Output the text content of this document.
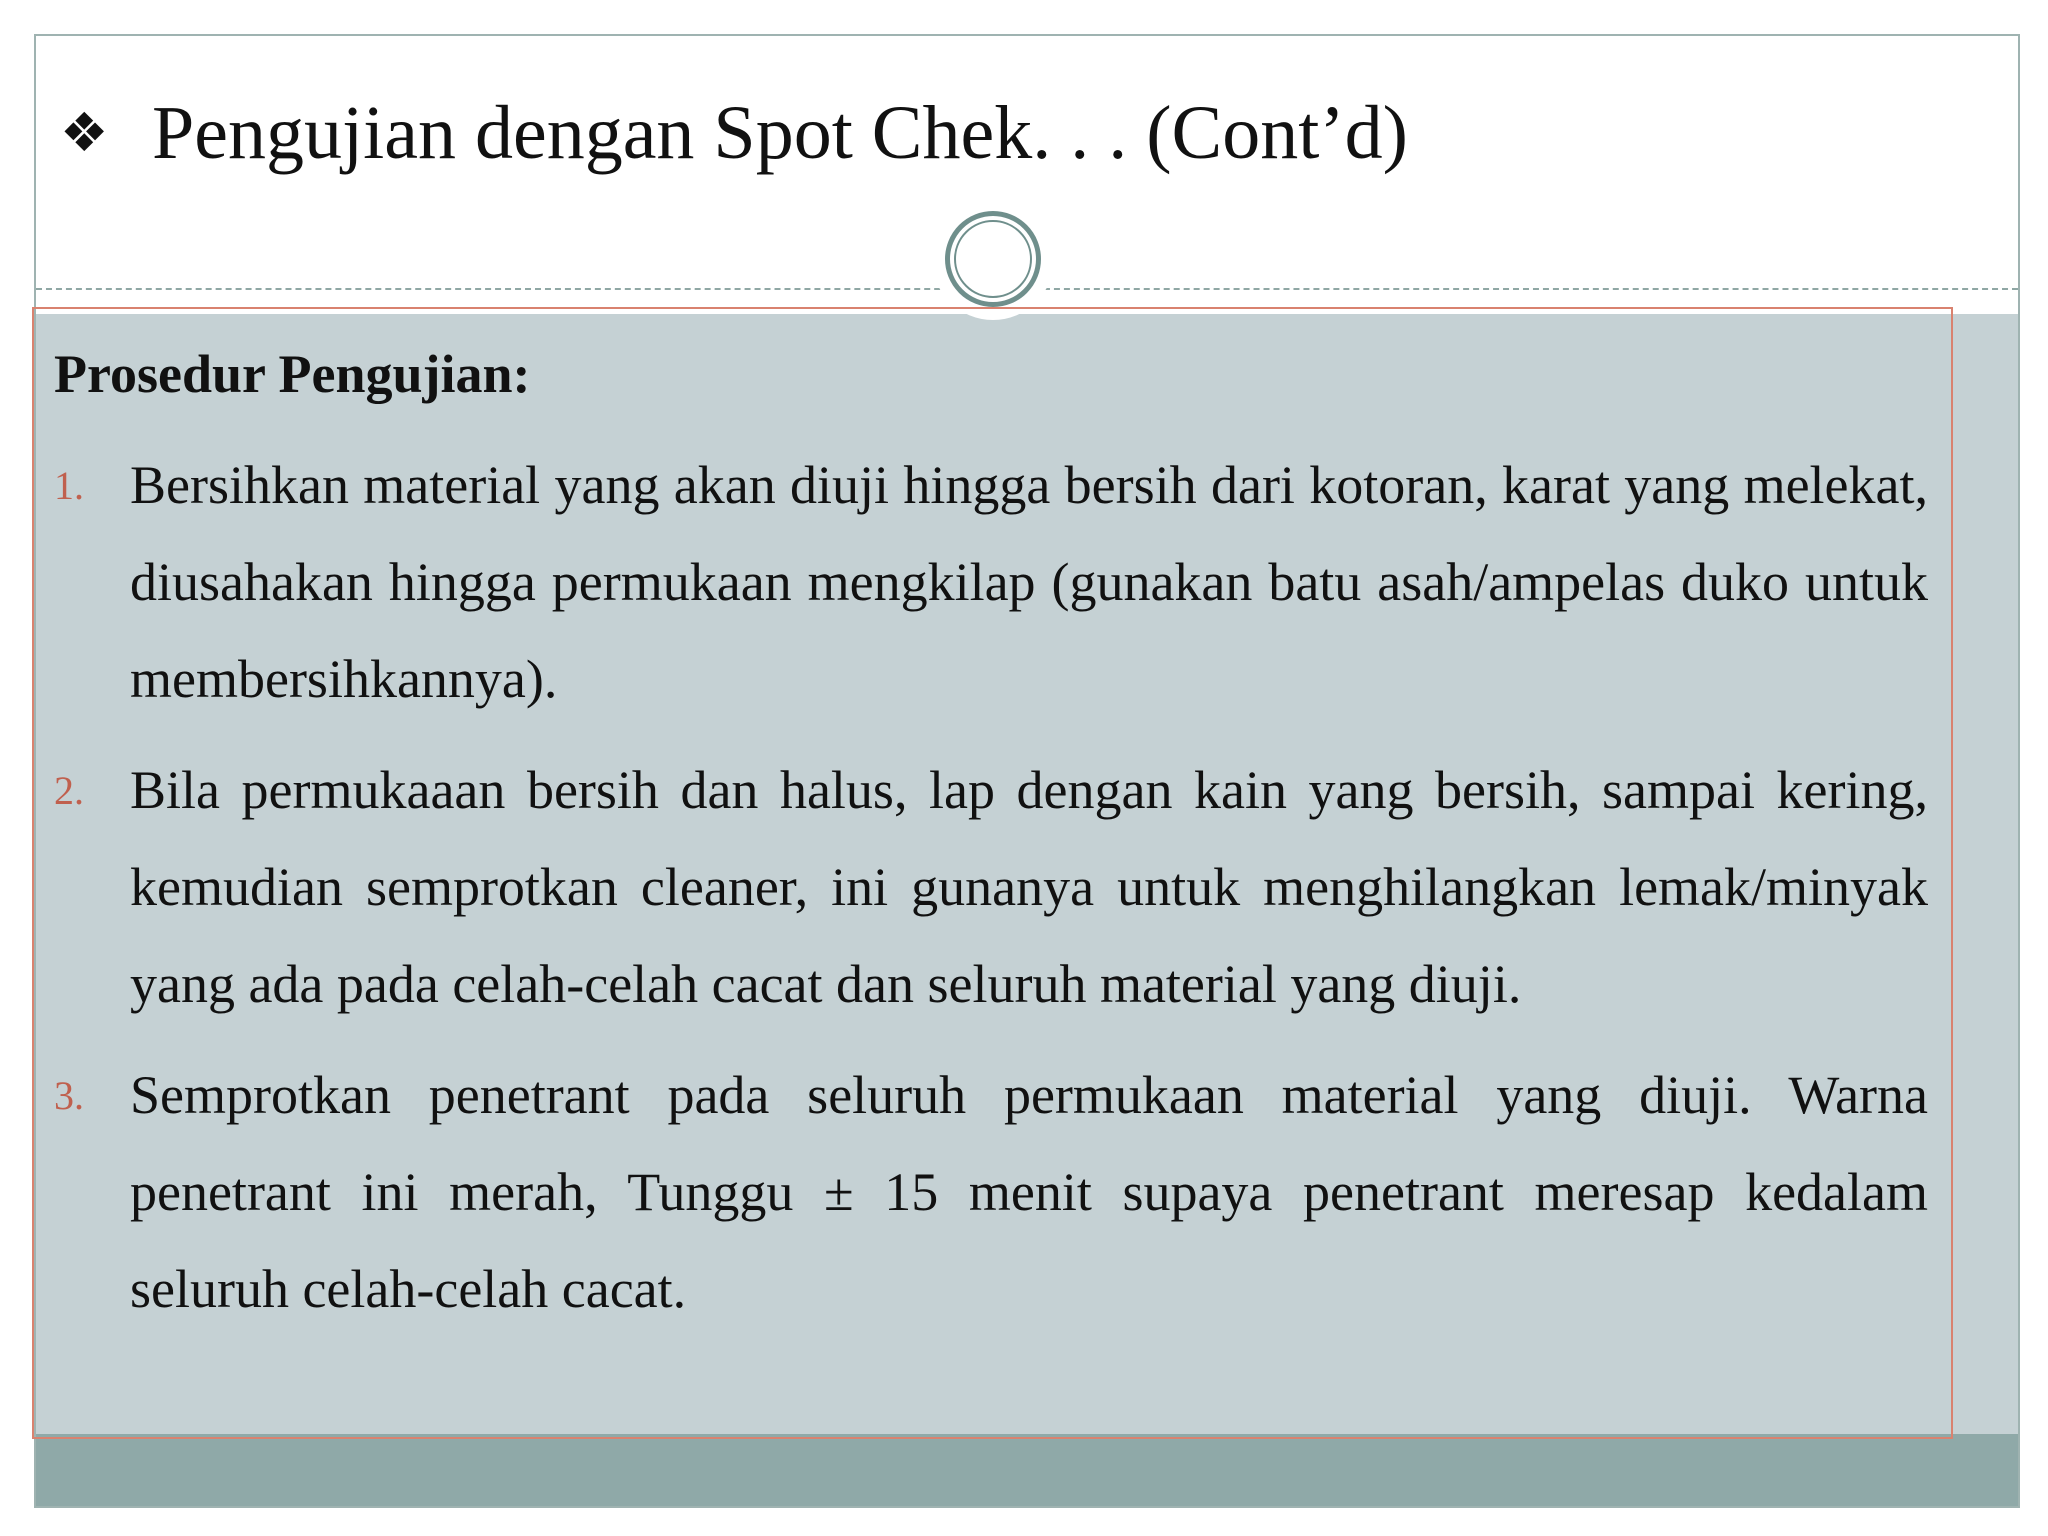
❖ Pengujian dengan Spot Chek. . . (Cont’d)
Prosedur Pengujian:
1. Bersihkan material yang akan diuji hingga bersih dari kotoran, karat yang melekat, diusahakan hingga permukaan mengkilap (gunakan batu asah/ampelas duko untuk membersihkannya).
2. Bila permukaaan bersih dan halus, lap dengan kain yang bersih, sampai kering, kemudian semprotkan cleaner, ini gunanya untuk menghilangkan lemak/minyak yang ada pada celah-celah cacat dan seluruh material yang diuji.
3. Semprotkan penetrant pada seluruh permukaan material yang diuji. Warna penetrant ini merah, Tunggu ± 15 menit supaya penetrant meresap kedalam seluruh celah-celah cacat.
